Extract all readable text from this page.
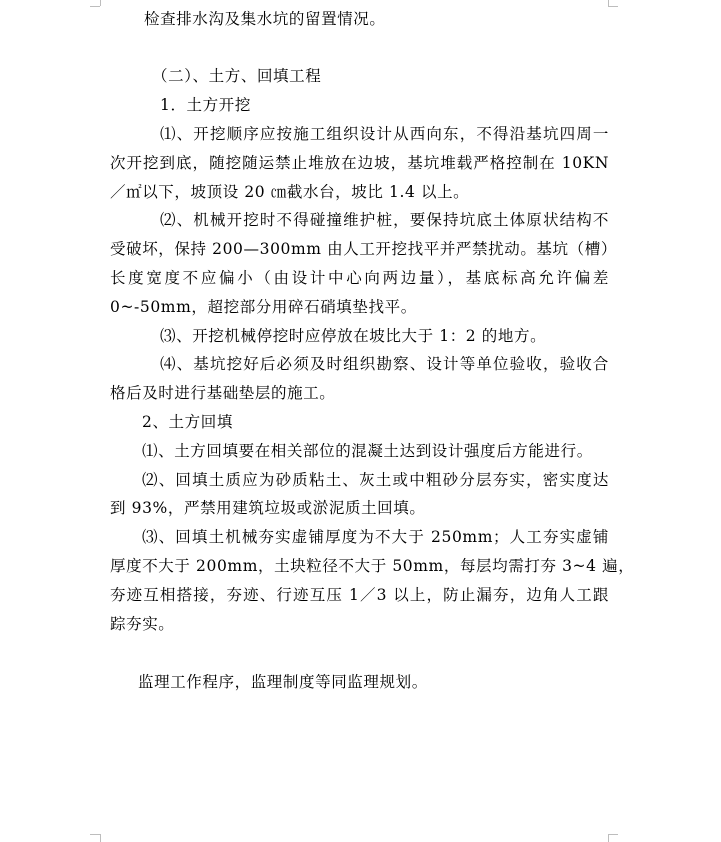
检查排水沟及集水坑的留置情况。
（二）、土方、回填工程
1．土方开挖
⑴、开挖顺序应按施工组织设计从西向东，不得沿基坑四周一
次开挖到底，随挖随运禁止堆放在边坡，基坑堆载严格控制在 10KN
／㎡以下，坡顶设 20 ㎝截水台，坡比 1.4 以上。
⑵、机械开挖时不得碰撞维护桩，要保持坑底土体原状结构不
受破坏，保持 200—300mm 由人工开挖找平并严禁扰动。基坑（槽）
长度宽度不应偏小（由设计中心向两边量），基底标高允许偏差
0~-50mm，超挖部分用碎石硝填垫找平。
⑶、开挖机械停挖时应停放在坡比大于 1：2 的地方。
⑷、基坑挖好后必须及时组织勘察、设计等单位验收，验收合
格后及时进行基础垫层的施工。
2、土方回填
⑴、土方回填要在相关部位的混凝土达到设计强度后方能进行。
⑵、回填土质应为砂质粘土、灰土或中粗砂分层夯实，密实度达
到 93%，严禁用建筑垃圾或淤泥质土回填。
⑶、回填土机械夯实虚铺厚度为不大于 250mm；人工夯实虚铺
厚度不大于 200mm，土块粒径不大于 50mm，每层均需打夯 3~4 遍，
夯迹互相搭接，夯迹、行迹互压 1／3 以上，防止漏夯，边角人工跟
踪夯实。
监理工作程序，监理制度等同监理规划。
